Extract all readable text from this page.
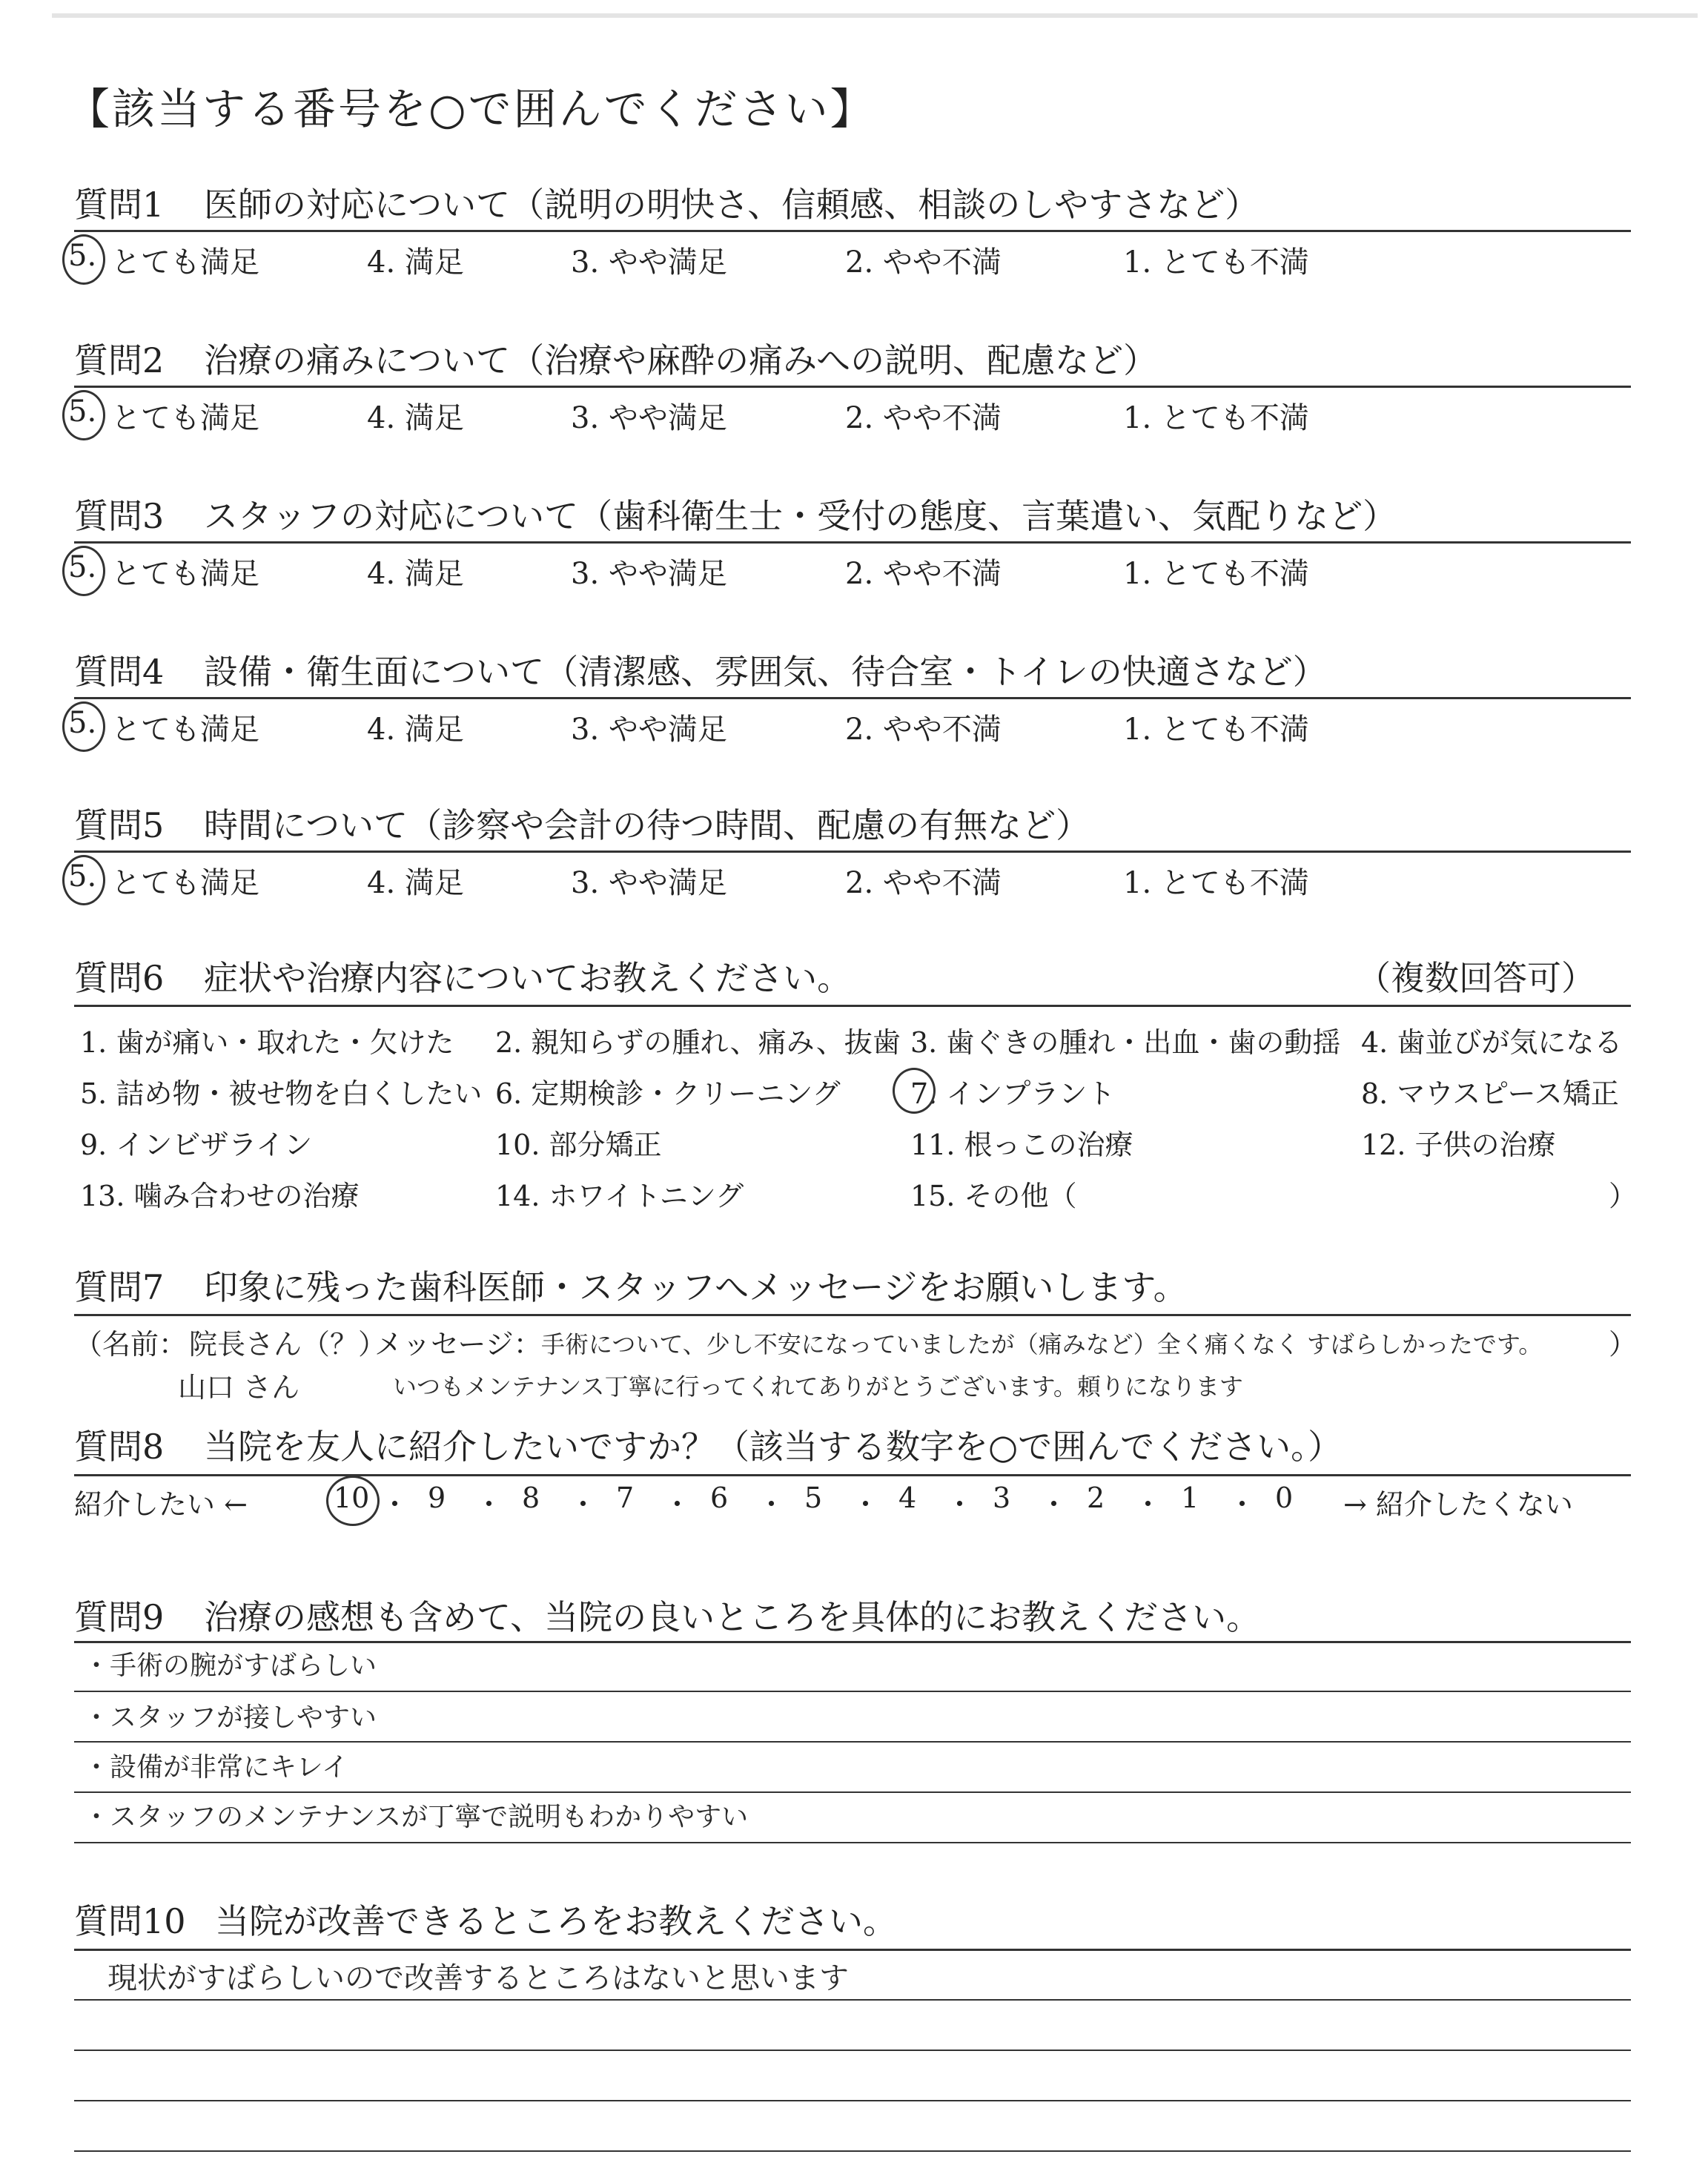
【該当する番号を○で囲んでください】
質問1 医師の対応について（説明の明快さ、信頼感、相談のしやすさなど）
5. とても満足	4. 満足	3. やや満足	2. やや不満	1. とても不満
質問2 治療の痛みについて（治療や麻酔の痛みへの説明、配慮など）
5. とても満足	4. 満足	3. やや満足	2. やや不満	1. とても不満
質問3 スタッフの対応について（歯科衛生士・受付の態度、言葉遣い、気配りなど）
5. とても満足	4. 満足	3. やや満足	2. やや不満	1. とても不満
質問4 設備・衛生面について（清潔感、雰囲気、待合室・トイレの快適さなど）
5. とても満足	4. 満足	3. やや満足	2. やや不満	1. とても不満
質問5 時間について（診察や会計の待つ時間、配慮の有無など）
5. とても満足	4. 満足	3. やや満足	2. やや不満	1. とても不満
質問6 症状や治療内容についてお教えください。	（複数回答可）
1. 歯が痛い・取れた・欠けた 2. 親知らずの腫れ、痛み、抜歯 3. 歯ぐきの腫れ・出血・歯の動揺 4. 歯並びが気になる
5. 詰め物・被せ物を白くしたい 6. 定期検診・クリーニング 7. インプラント	8. マウスピース矯正
9. インビザライン	10. 部分矯正	11. 根っこの治療	12. 子供の治療
13. 噛み合わせの治療	14. ホワイトニング	15. その他（	）
質問7 印象に残った歯科医師・スタッフへメッセージをお願いします。
（名前： 院長さん（？）
山口 さん
メッセージ： 手術について、少し不安になっていましたが（痛みなど）全く痛くなく すばらしかったです。
いつもメンテナンス丁寧に行ってくれてありがとうございます。頼りになります
）
質問8 当院を友人に紹介したいですか？（該当する数字を○で囲んでください。）
紹介したい ←	10 ・ 9 ・ 8 ・ 7 ・ 6 ・ 5 ・ 4 ・ 3 ・ 2 ・ 1 ・ 0 → 紹介したくない
質問9 治療の感想も含めて、当院の良いところを具体的にお教えください。
・手術の腕がすばらしい
・スタッフが接しやすい
・設備が非常にキレイ
・スタッフのメンテナンスが丁寧で説明もわかりやすい
質問10 当院が改善できるところをお教えください。
現状がすばらしいので改善するところはないと思います
